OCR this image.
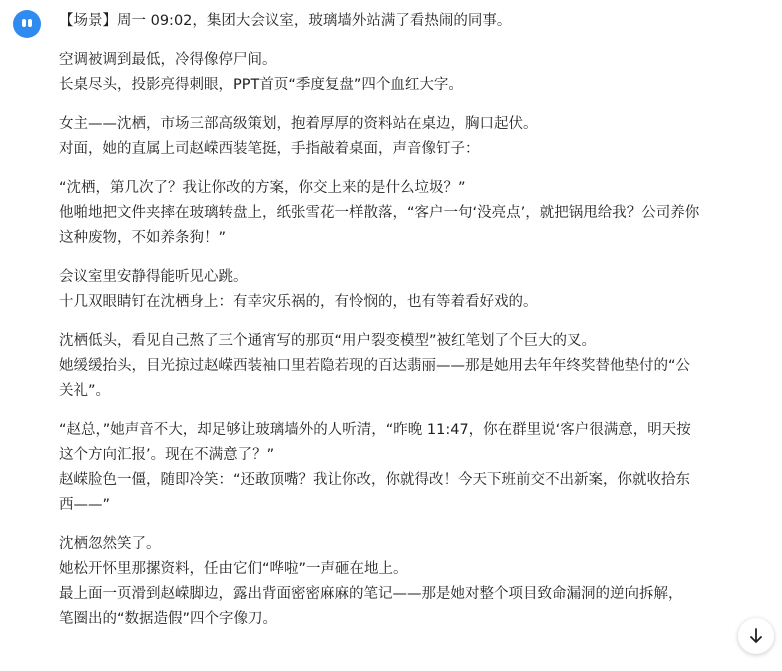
【场景】周一 09:02，集团大会议室，玻璃墙外站满了看热闹的同事。
空调被调到最低，冷得像停尸间。
长桌尽头，投影亮得刺眼，PPT首页“季度复盘”四个血红大字。
女主——沈栖，市场三部高级策划，抱着厚厚的资料站在桌边，胸口起伏。
对面，她的直属上司赵嵘西装笔挺，手指敲着桌面，声音像钉子：
“沈栖，第几次了？我让你改的方案，你交上来的是什么垃圾？”
他啪地把文件夹摔在玻璃转盘上，纸张雪花一样散落，“客户一句‘没亮点’，就把锅甩给我？公司养你
这种废物，不如养条狗！”
会议室里安静得能听见心跳。
十几双眼睛钉在沈栖身上：有幸灾乐祸的，有怜悯的，也有等着看好戏的。
沈栖低头，看见自己熬了三个通宵写的那页“用户裂变模型”被红笔划了个巨大的叉。
她缓缓抬头，目光掠过赵嵘西装袖口里若隐若现的百达翡丽——那是她用去年年终奖替他垫付的“公
关礼”。
“赵总，”她声音不大，却足够让玻璃墙外的人听清，“昨晚 11:47，你在群里说‘客户很满意，明天按
这个方向汇报’。现在不满意了？”
赵嵘脸色一僵，随即冷笑：“还敢顶嘴？我让你改，你就得改！今天下班前交不出新案，你就收拾东
西——”
沈栖忽然笑了。
她松开怀里那摞资料，任由它们“哗啦”一声砸在地上。
最上面一页滑到赵嵘脚边，露出背面密密麻麻的笔记——那是她对整个项目致命漏洞的逆向拆解，
笔圈出的“数据造假”四个字像刀。
